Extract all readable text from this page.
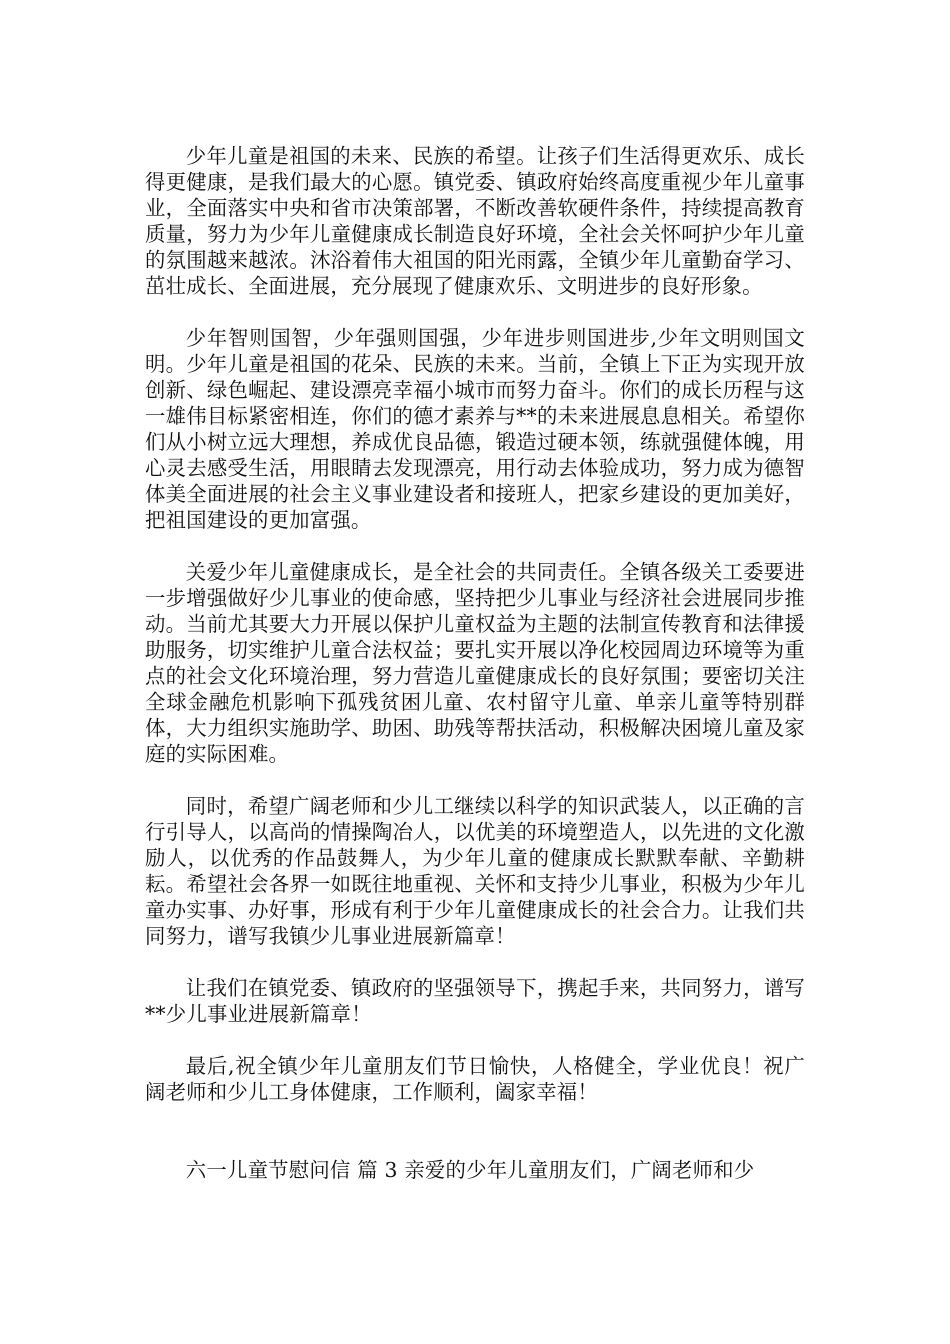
少年儿童是祖国的未来、民族的希望。让孩子们生活得更欢乐、成长得更健康，是我们最大的心愿。镇党委、镇政府始终高度重视少年儿童事业，全面落实中央和省市决策部署，不断改善软硬件条件，持续提高教育质量，努力为少年儿童健康成长制造良好环境，全社会关怀呵护少年儿童的氛围越来越浓。沐浴着伟大祖国的阳光雨露，全镇少年儿童勤奋学习、茁壮成长、全面进展，充分展现了健康欢乐、文明进步的良好形象。

少年智则国智，少年强则国强，少年进步则国进步,少年文明则国文明。少年儿童是祖国的花朵、民族的未来。当前，全镇上下正为实现开放创新、绿色崛起、建设漂亮幸福小城市而努力奋斗。你们的成长历程与这一雄伟目标紧密相连，你们的德才素养与**的未来进展息息相关。希望你们从小树立远大理想，养成优良品德，锻造过硬本领，练就强健体魄，用心灵去感受生活，用眼睛去发现漂亮，用行动去体验成功，努力成为德智体美全面进展的社会主义事业建设者和接班人，把家乡建设的更加美好，把祖国建设的更加富强。

关爱少年儿童健康成长，是全社会的共同责任。全镇各级关工委要进一步增强做好少儿事业的使命感，坚持把少儿事业与经济社会进展同步推动。当前尤其要大力开展以保护儿童权益为主题的法制宣传教育和法律援助服务，切实维护儿童合法权益；要扎实开展以净化校园周边环境等为重点的社会文化环境治理，努力营造儿童健康成长的良好氛围；要密切关注全球金融危机影响下孤残贫困儿童、农村留守儿童、单亲儿童等特别群体，大力组织实施助学、助困、助残等帮扶活动，积极解决困境儿童及家庭的实际困难。

同时，希望广阔老师和少儿工继续以科学的知识武装人，以正确的言行引导人，以高尚的情操陶冶人，以优美的环境塑造人，以先进的文化激励人，以优秀的作品鼓舞人，为少年儿童的健康成长默默奉献、辛勤耕耘。希望社会各界一如既往地重视、关怀和支持少儿事业，积极为少年儿童办实事、办好事，形成有利于少年儿童健康成长的社会合力。让我们共同努力，谱写我镇少儿事业进展新篇章！

让我们在镇党委、镇政府的坚强领导下，携起手来，共同努力，谱写**少儿事业进展新篇章！

最后,祝全镇少年儿童朋友们节日愉快，人格健全，学业优良！祝广阔老师和少儿工身体健康，工作顺利，阖家幸福！

六一儿童节慰问信 篇 3 亲爱的少年儿童朋友们，广阔老师和少
